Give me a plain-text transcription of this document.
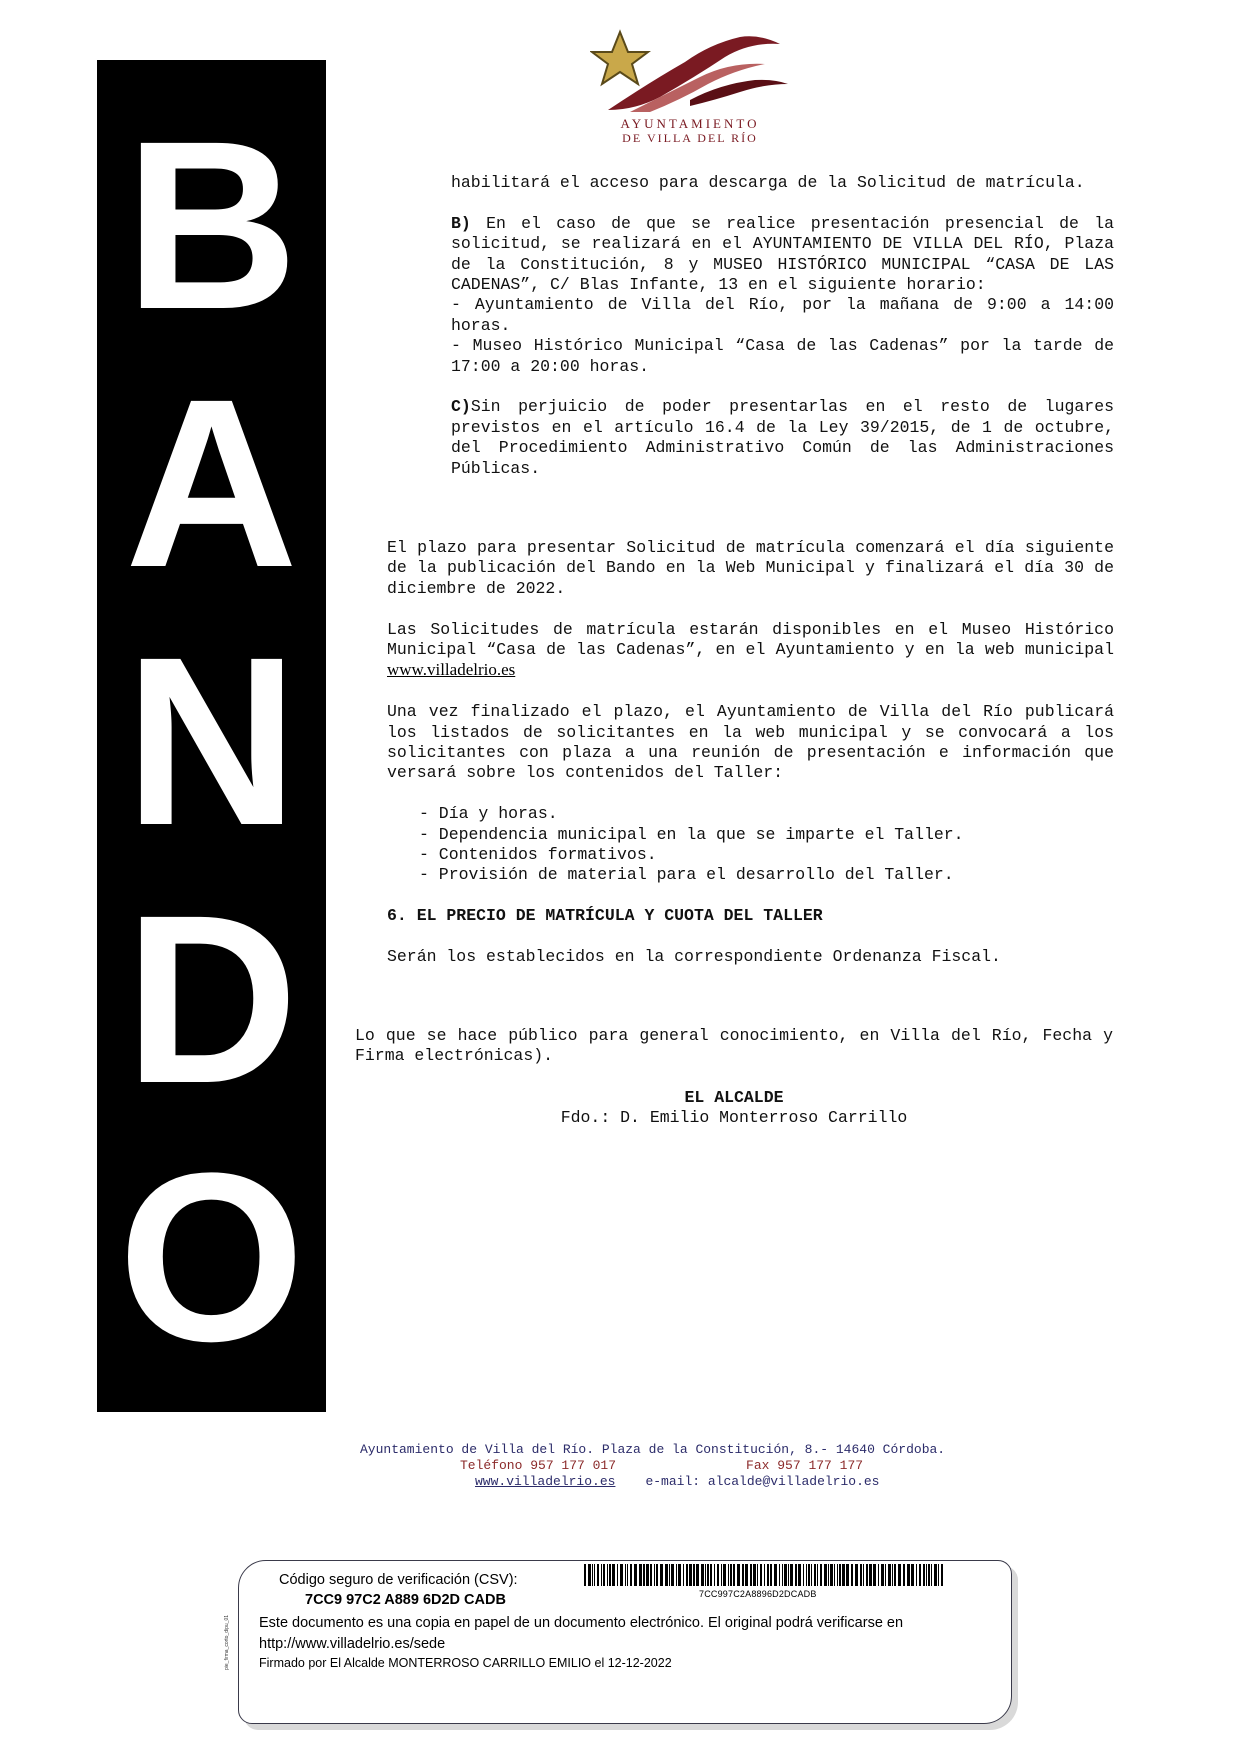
AYUNTAMIENTO
DE VILLA DEL RÍO
B
A
N
D
O

habilitará el acceso para descarga de la Solicitud de matrícula.

B) En el caso de que se realice presentación presencial de la solicitud, se realizará en el AYUNTAMIENTO DE VILLA DEL RÍO, Plaza de la Constitución, 8 y MUSEO HISTÓRICO MUNICIPAL “CASA DE LAS CADENAS”, C/ Blas Infante, 13 en el siguiente horario:

- Ayuntamiento de Villa del Río, por la mañana de 9:00 a 14:00 horas.

- Museo Histórico Municipal “Casa de las Cadenas” por la tarde de 17:00 a 20:00 horas.

C)Sin perjuicio de poder presentarlas en el resto de lugares previstos en el artículo 16.4 de la Ley 39/2015, de 1 de octubre, del Procedimiento Administrativo Común de las Administraciones Públicas.

El plazo para presentar Solicitud de matrícula comenzará el día siguiente de la publicación del Bando en la Web Municipal y finalizará el día 30 de diciembre de 2022.

Las Solicitudes de matrícula estarán disponibles en el Museo Histórico Municipal “Casa de las Cadenas”, en el Ayuntamiento y en la web municipal www.villadelrio.es

Una vez finalizado el plazo, el Ayuntamiento de Villa del Río publicará los listados de solicitantes en la web municipal y se convocará a los solicitantes con plaza a una reunión de presentación e información que versará sobre los contenidos del Taller:

- Día y horas.
- Dependencia municipal en la que se imparte el Taller.
- Contenidos formativos.
- Provisión de material para el desarrollo del Taller.

6. EL PRECIO DE MATRÍCULA Y CUOTA DEL TALLER

Serán los establecidos en la correspondiente Ordenanza Fiscal.

Lo que se hace público para general conocimiento, en Villa del Río, Fecha y Firma electrónicas).
EL ALCALDE
Fdo.: D. Emilio Monterroso Carrillo
Ayuntamiento de Villa del Río. Plaza de la Constitución, 8.- 14640 Córdoba.
Teléfono 957 177 017	Fax 957 177 177
www.villadelrio.es e-mail: alcalde@villadelrio.es
pie_firma_corto_dipu_01
Código seguro de verificación (CSV):
7CC9 97C2 A889 6D2D CADB	7CC997C2A8896D2DCADB
Este documento es una copia en papel de un documento electrónico. El original podrá verificarse en http://www.villadelrio.es/sede
Firmado por El Alcalde MONTERROSO CARRILLO EMILIO el 12-12-2022
